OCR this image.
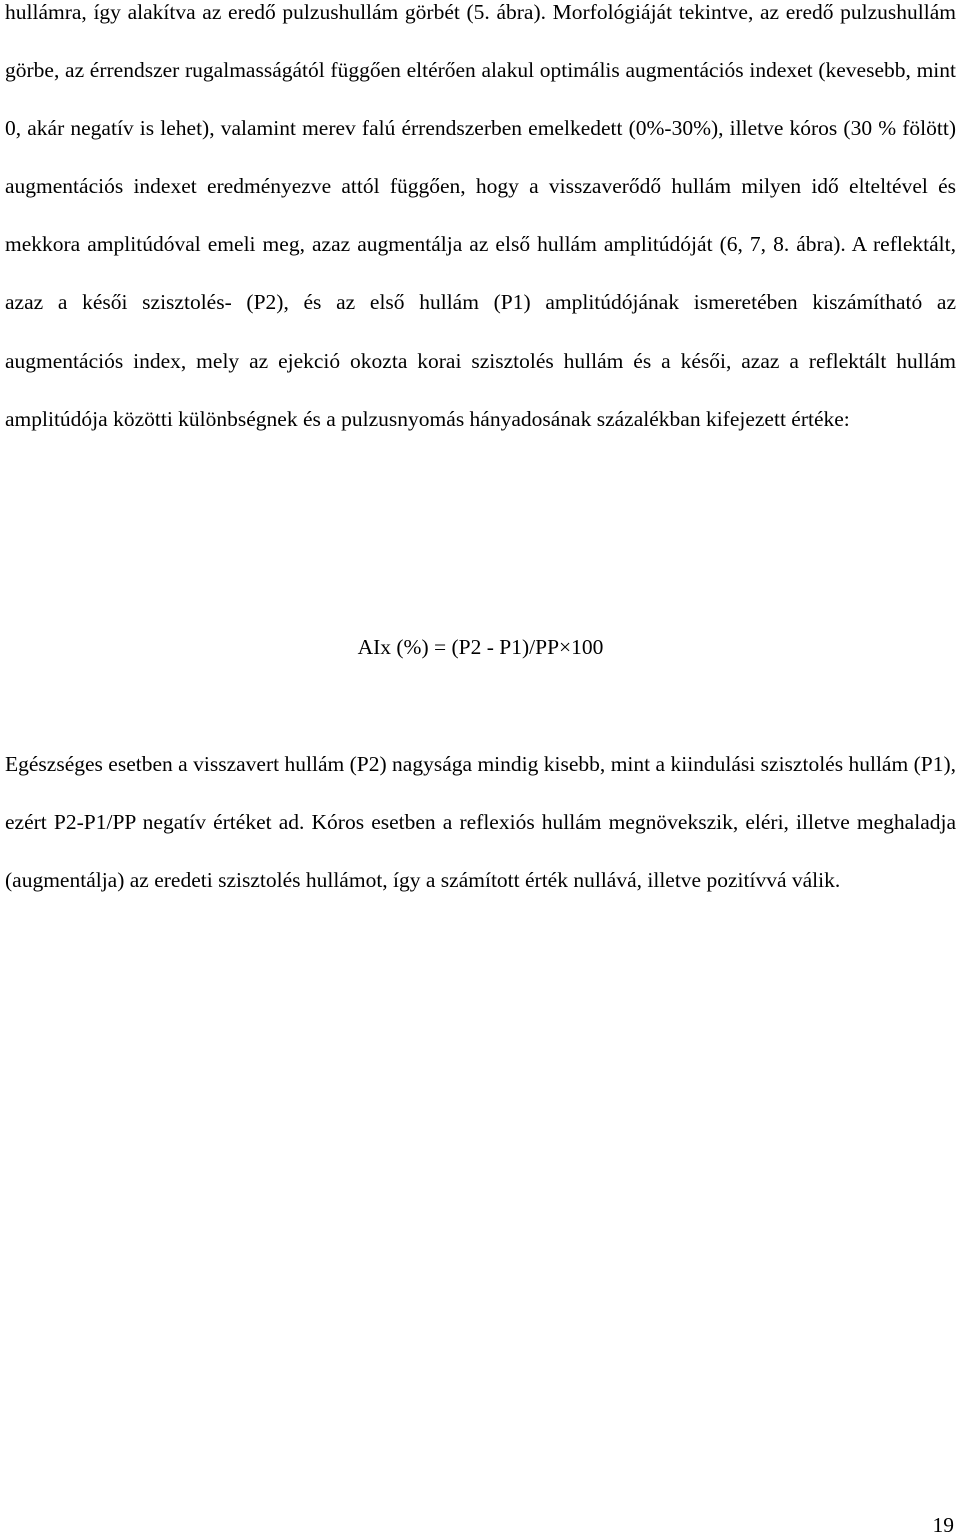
hullámra, így alakítva az eredő pulzushullám görbét (5. ábra). Morfológiáját tekintve, az eredő pulzushullám görbe, az érrendszer rugalmasságától függően eltérően alakul optimális augmentációs indexet (kevesebb, mint 0, akár negatív is lehet), valamint merev falú érrendszerben emelkedett (0%-30%), illetve kóros (30 % fölött) augmentációs indexet eredményezve attól függően, hogy a visszaverődő hullám milyen idő elteltével és mekkora amplitúdóval emeli meg, azaz augmentálja az első hullám amplitúdóját (6, 7, 8. ábra). A reflektált, azaz a késői szisztolés- (P2), és az első hullám (P1) amplitúdójának ismeretében kiszámítható az augmentációs index, mely az ejekció okozta korai szisztolés hullám és a késői, azaz a reflektált hullám amplitúdója közötti különbségnek és a pulzusnyomás hányadosának százalékban kifejezett értéke:

AIx (%) = (P2 - P1)/PP×100

Egészséges esetben a visszavert hullám (P2) nagysága mindig kisebb, mint a kiindulási szisztolés hullám (P1), ezért P2-P1/PP negatív értéket ad. Kóros esetben a reflexiós hullám megnövekszik, eléri, illetve meghaladja (augmentálja) az eredeti szisztolés hullámot, így a számított érték nullává, illetve pozitívvá válik.

19
